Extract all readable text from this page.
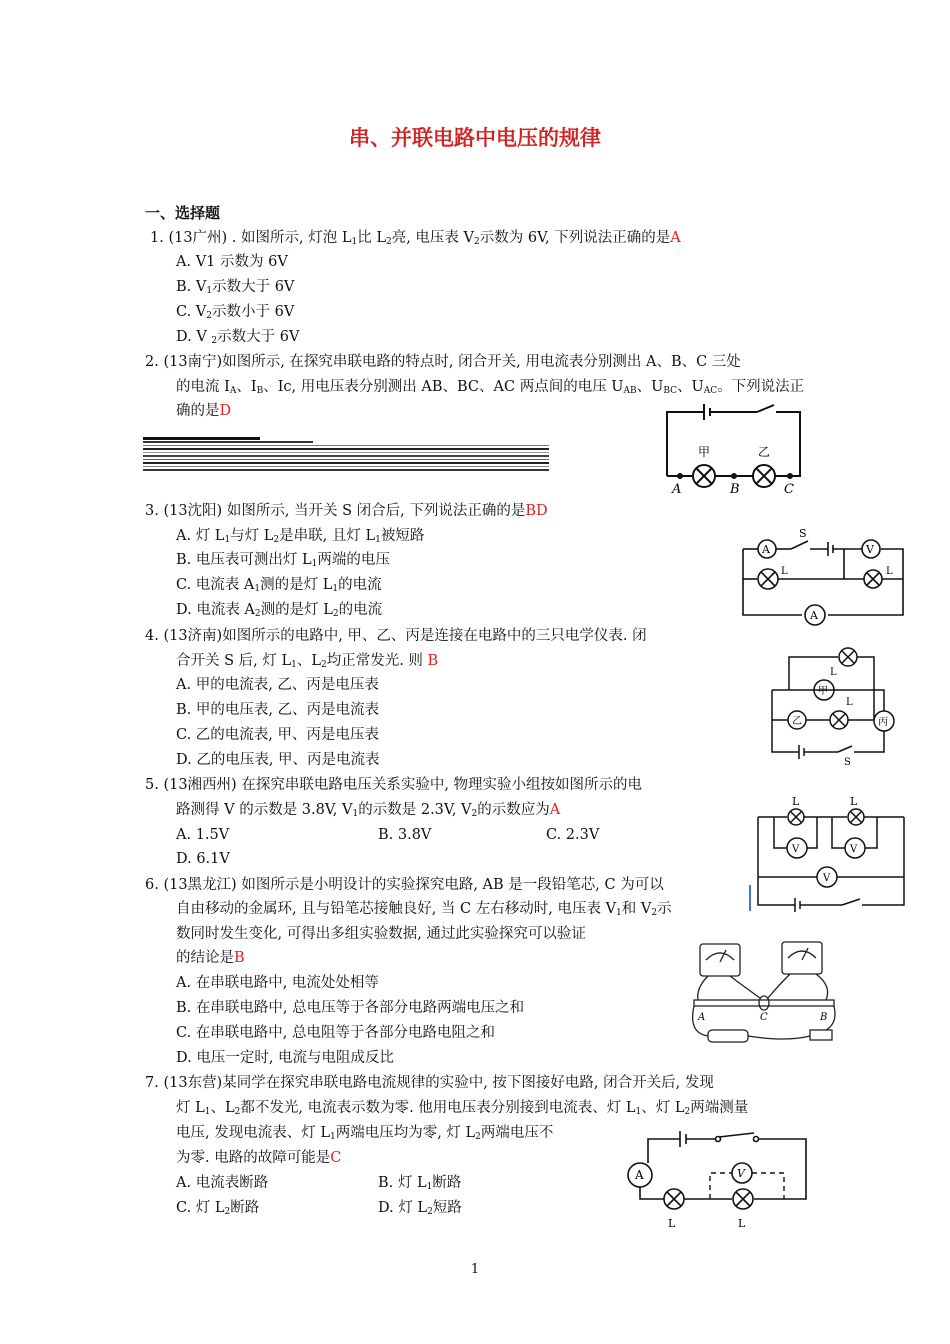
串、并联电路中电压的规律
一、选择题
1. (13广州) . 如图所示, 灯泡 $L_1$比 $L_2$亮, 电压表 $V_2$示数为 6V, 下列说法正确的是A
A. V1 示数为 6V
B. $V_1$示数大于 6V
C. $V_2$示数小于 6V
D. V $_2$示数大于 6V
2. (13南宁)如图所示, 在探究串联电路的特点时, 闭合开关, 用电流表分别测出 A、B、C 三处
的电流 $I_A$、$I_B$、Ic, 用电压表分别测出 AB、BC、AC 两点间的电压 $U_{AB}$、$U_{BC}$、$U_{AC}$。下列说法正
确的是D
甲	乙
A	B	C
3. (13沈阳) 如图所示, 当开关 S 闭合后, 下列说法正确的是BD
A. 灯 $L_1$与灯 $L_2$是串联, 且灯 $L_1$被短路
B. 电压表可测出灯 $L_1$两端的电压
C. 电流表 $A_1$测的是灯 $L_1$的电流
D. 电流表 $A_2$测的是灯 $L_2$的电流
A
S
V
L	L
A
4. (13济南)如图所示的电路中, 甲、乙、丙是连接在电路中的三只电学仪表. 闭
合开关 S 后, 灯 $L_1$、$L_2$均正常发光. 则 B
A. 甲的电流表, 乙、丙是电压表
B. 甲的电压表, 乙、丙是电流表
C. 乙的电流表, 甲、丙是电压表
D. 乙的电压表, 甲、丙是电流表
甲
乙	丙
L
L
S
5. (13湘西州) 在探究串联电路电压关系实验中, 物理实验小组按如图所示的电
路测得 V 的示数是 3.8V, $V_1$的示数是 2.3V, $V_2$的示数应为A
A. 1.5V	B. 3.8V	C. 2.3V
D. 6.1V
L	L
V	V
V
6. (13黑龙江) 如图所示是小明设计的实验探究电路, AB 是一段铅笔芯, C 为可以
自由移动的金属环, 且与铅笔芯接触良好, 当 C 左右移动时, 电压表 $V_1$和 $V_2$示
数同时发生变化, 可得出多组实验数据, 通过此实验探究可以验证
的结论是B
A. 在串联电路中, 电流处处相等
B. 在串联电路中, 总电压等于各部分电路两端电压之和
C. 在串联电路中, 总电阻等于各部分电路电阻之和
D. 电压一定时, 电流与电阻成反比
A	C	B
7. (13东营)某同学在探究串联电路电流规律的实验中, 按下图接好电路, 闭合开关后, 发现
灯 $L_1$、$L_2$都不发光, 电流表示数为零. 他用电压表分别接到电流表、灯 $L_1$、灯 $L_2$两端测量
电压, 发现电流表、灯 $L_1$两端电压均为零, 灯 $L_2$两端电压不
为零. 电路的故障可能是C
A. 电流表断路	B. 灯 $L_1$断路
C. 灯 $L_2$断路	D. 灯 $L_2$短路
A	V
L	L
1
